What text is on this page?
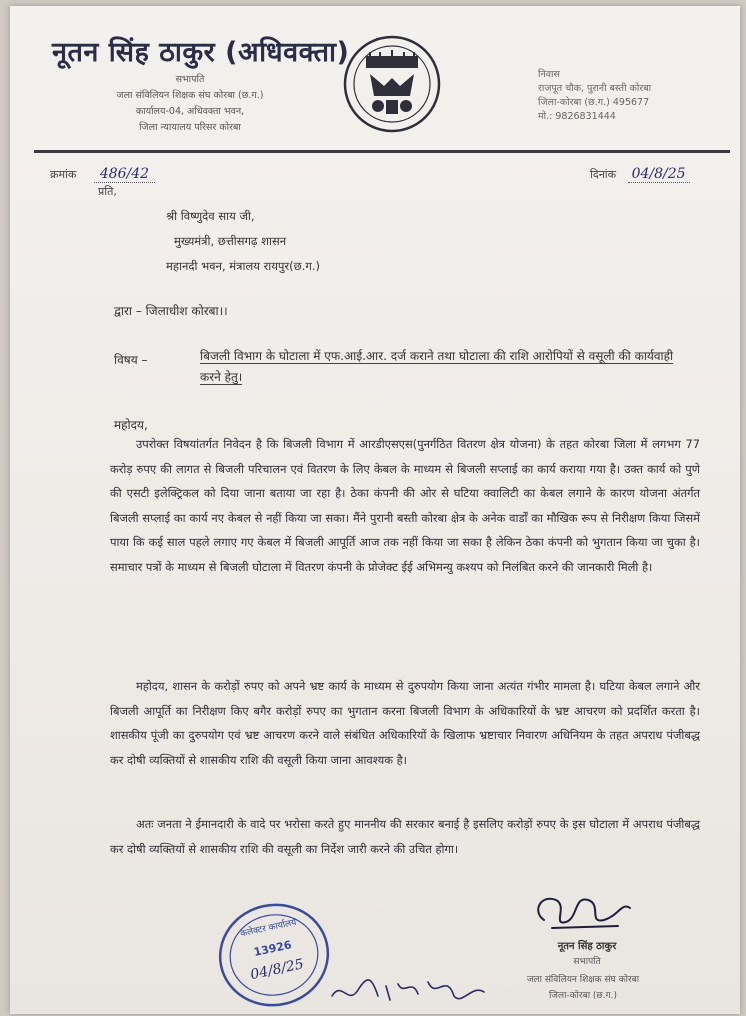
नूतन सिंह ठाकुर (अधिवक्ता)
सभापति
जला संविलियन शिक्षक संघ कोरबा (छ.ग.)
कार्यालय-04, अधिवक्ता भवन,
जिला न्यायालय परिसर कोरबा
निवास
राजपूत चौक, पुरानी बस्ती कोरबा
जिला-कोरबा (छ.ग.) 495677
मो.: 9826831444
क्रमांक 486/42	दिनांक 04/8/25
प्रति,
श्री विष्णुदेव साय जी,
मुख्यमंत्री, छत्तीसगढ़ शासन
महानदी भवन, मंत्रालय रायपुर(छ.ग.)
द्वारा – जिलाधीश कोरबा।।
विषय –	बिजली विभाग के घोटाला में एफ.आई.आर. दर्ज कराने तथा घोटाला की राशि आरोपियों से वसूली की कार्यवाही करने हेतु।
महोदय,
उपरोक्त विषयांतर्गत निवेदन है कि बिजली विभाग में आरडीएसएस(पुनर्गठित वितरण क्षेत्र योजना) के तहत कोरबा जिला में लगभग 77 करोड़ रुपए की लागत से बिजली परिचालन एवं वितरण के लिए केबल के माध्यम से बिजली सप्लाई का कार्य कराया गया है। उक्त कार्य को पुणे की एसटी इलेक्ट्रिकल को दिया जाना बताया जा रहा है। ठेका कंपनी की ओर से घटिया क्वालिटी का केबल लगाने के कारण योजना अंतर्गत बिजली सप्लाई का कार्य नए केबल से नहीं किया जा सका। मैंने पुरानी बस्ती कोरबा क्षेत्र के अनेक वार्डों का मौखिक रूप से निरीक्षण किया जिसमें पाया कि कई साल पहले लगाए गए केबल में बिजली आपूर्ति आज तक नहीं किया जा सका है लेकिन ठेका कंपनी को भुगतान किया जा चुका है। समाचार पत्रों के माध्यम से बिजली घोटाला में वितरण कंपनी के प्रोजेक्ट ईई अभिमन्यु कश्यप को निलंबित करने की जानकारी मिली है।
महोदय, शासन के करोड़ों रुपए को अपने भ्रष्ट कार्य के माध्यम से दुरुपयोग किया जाना अत्यंत गंभीर मामला है। घटिया केबल लगाने और बिजली आपूर्ति का निरीक्षण किए बगैर करोड़ों रुपए का भुगतान करना बिजली विभाग के अधिकारियों के भ्रष्ट आचरण को प्रदर्शित करता है। शासकीय पूंजी का दुरुपयोग एवं भ्रष्ट आचरण करने वाले संबंधित अधिकारियों के खिलाफ भ्रष्टाचार निवारण अधिनियम के तहत अपराध पंजीबद्ध कर दोषी व्यक्तियों से शासकीय राशि की वसूली किया जाना आवश्यक है।
अतः जनता ने ईमानदारी के वादे पर भरोसा करते हुए माननीय की सरकार बनाई है इसलिए करोड़ों रुपए के इस घोटाला में अपराध पंजीबद्ध कर दोषी व्यक्तियों से शासकीय राशि की वसूली का निर्देश जारी करने की उचित होगा।
कलेक्टर कार्यालय
13926
04/8/25
नूतन सिंह ठाकुर
सभापति
जला संविलियन शिक्षक संघ कोरबा
जिला-कोरबा (छ.ग.)
